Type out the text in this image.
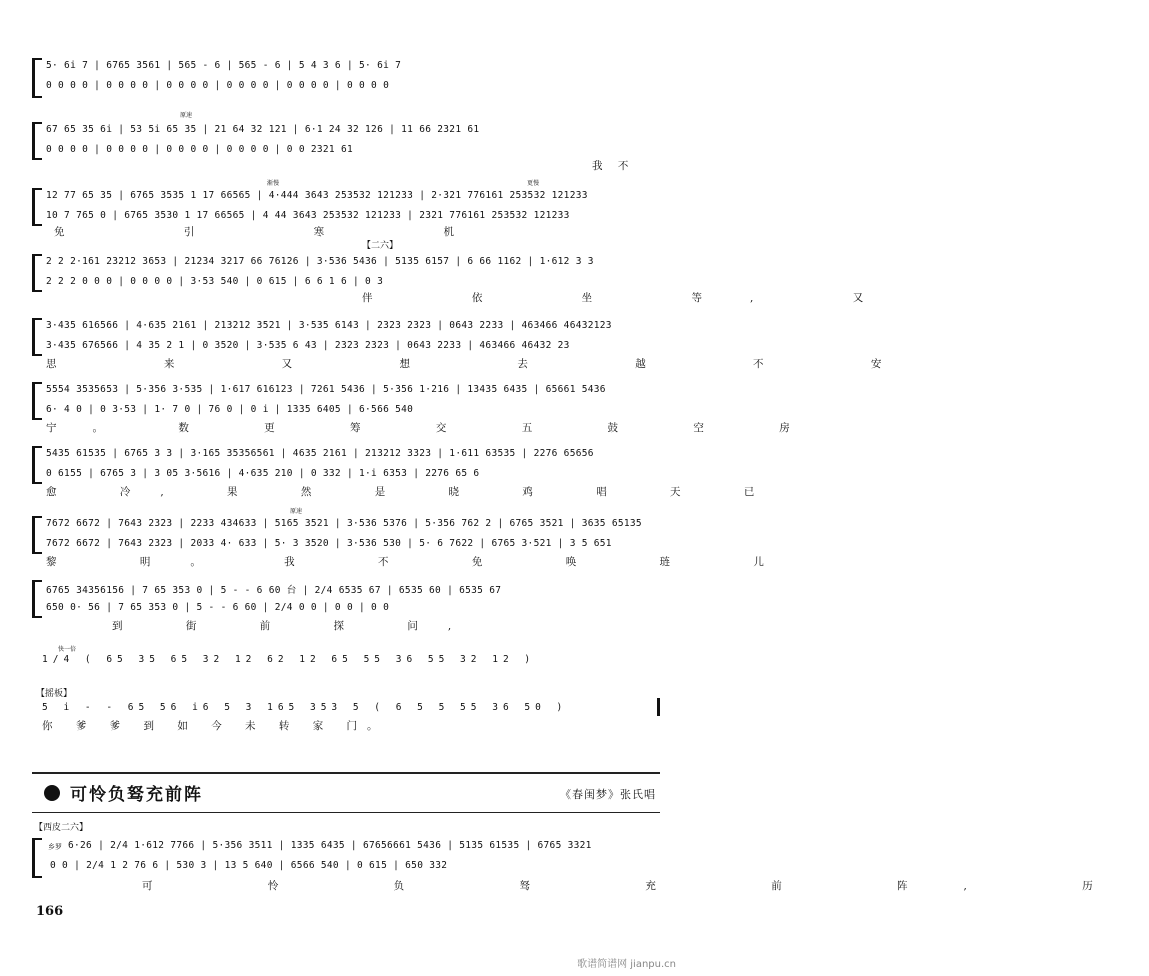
5· 6i 7 | 6765 3561 | 565 - 6 | 565 - 6 | 5 4 3 6 | 5· 6i 7
0 0 0 0 | 0 0 0 0 | 0 0 0 0 | 0 0 0 0 | 0 0 0 0 | 0 0 0 0
原速
67 65 35 6i | 53 5i 65 35 | 21 64 32 121 | 6·1 24 32 126 | 11 66 2321 61
0 0 0 0 | 0 0 0 0 | 0 0 0 0 | 0 0 0 0 | 0 0 2321 61
我 不
渐慢	更慢
12 77 65 35 | 6765 3535 1 17 66565 | 4·444 3643 253532 121233 | 2·321 776161 253532 121233
10 7 765 0 | 6765 3530 1 17 66565 | 4 44 3643 253532 121233 | 2321 776161 253532 121233
免 引 寒 机
【二六】
2 2 2·161 23212 3653 | 21234 3217 66 76126 | 3·536 5436 | 5135 6157 | 6 66 1162 | 1·612 3 3
2 2 2 0 0 0 | 0 0 0 0 | 3·53 540 | 0 615 | 6 6 1 6 | 0 3
伴 依 坐 等, 又
3·435 616566 | 4·635 2161 | 213212 3521 | 3·535 6143 | 2323 2323 | 0643 2233 | 463466 46432123
3·435 676566 | 4 35 2 1 | 0 3520 | 3·535 6 43 | 2323 2323 | 0643 2233 | 463466 46432 23
思 来 又 想 去 越 不 安
5554 3535653 | 5·356 3·535 | 1·617 616123 | 7261 5436 | 5·356 1·216 | 13435 6435 | 65661 5436
6· 4 0 | 0 3·53 | 1· 7 0 | 76 0 | 0 i | 1335 6405 | 6·566 540
宁。 数 更 筹 交 五 鼓 空 房
5435 61535 | 6765 3 3 | 3·165 35356561 | 4635 2161 | 213212 3323 | 1·611 63535 | 2276 65656
0 6155 | 6765 3 | 3 05 3·5616 | 4·635 210 | 0 332 | 1·i 6353 | 2276 65 6
愈 冷, 果 然 是 晓 鸡 唱 天 已
原速
7672 6672 | 7643 2323 | 2233 434633 | 5165 3521 | 3·536 5376 | 5·356 762 2 | 6765 3521 | 3635 65135
7672 6672 | 7643 2323 | 2033 4· 633 | 5· 3 3520 | 3·536 530 | 5· 6 7622 | 6765 3·521 | 3 5 651
黎 明。 我 不 免 唤 琏 儿
6765 34356156 | 7 65 353 0 | 5 - - 6 60 台 | 2/4 6535 67 | 6535 60 | 6535 67
650 0· 56 | 7 65 353 0 | 5 - - 6 60 | 2/4 0 0 | 0 0 | 0 0
到 街 前 探 问,
快一倍
1/4 ( 65 35 65 32 12 62 12 65 55 36 55 32 12 )
【摇板】
5 i - - 65 56 i6 5 3 165 353 5 ( 6 5 5 55 36 50 )
你 爹 爹 到 如 今 未 转 家 门。
可怜负驽充前阵	《春闺梦》张氏唱
【西皮二六】
乡罗 6·26 | 2/4 1·612 7766 | 5·356 3511 | 1335 6435 | 67656661 5436 | 5135 61535 | 6765 3321
0 0 | 2/4 1 2 76 6 | 530 3 | 13 5 640 | 6566 540 | 0 615 | 650 332
可 怜 负 驽 充 前 阵, 历
166
歌谱简谱网 jianpu.cn
